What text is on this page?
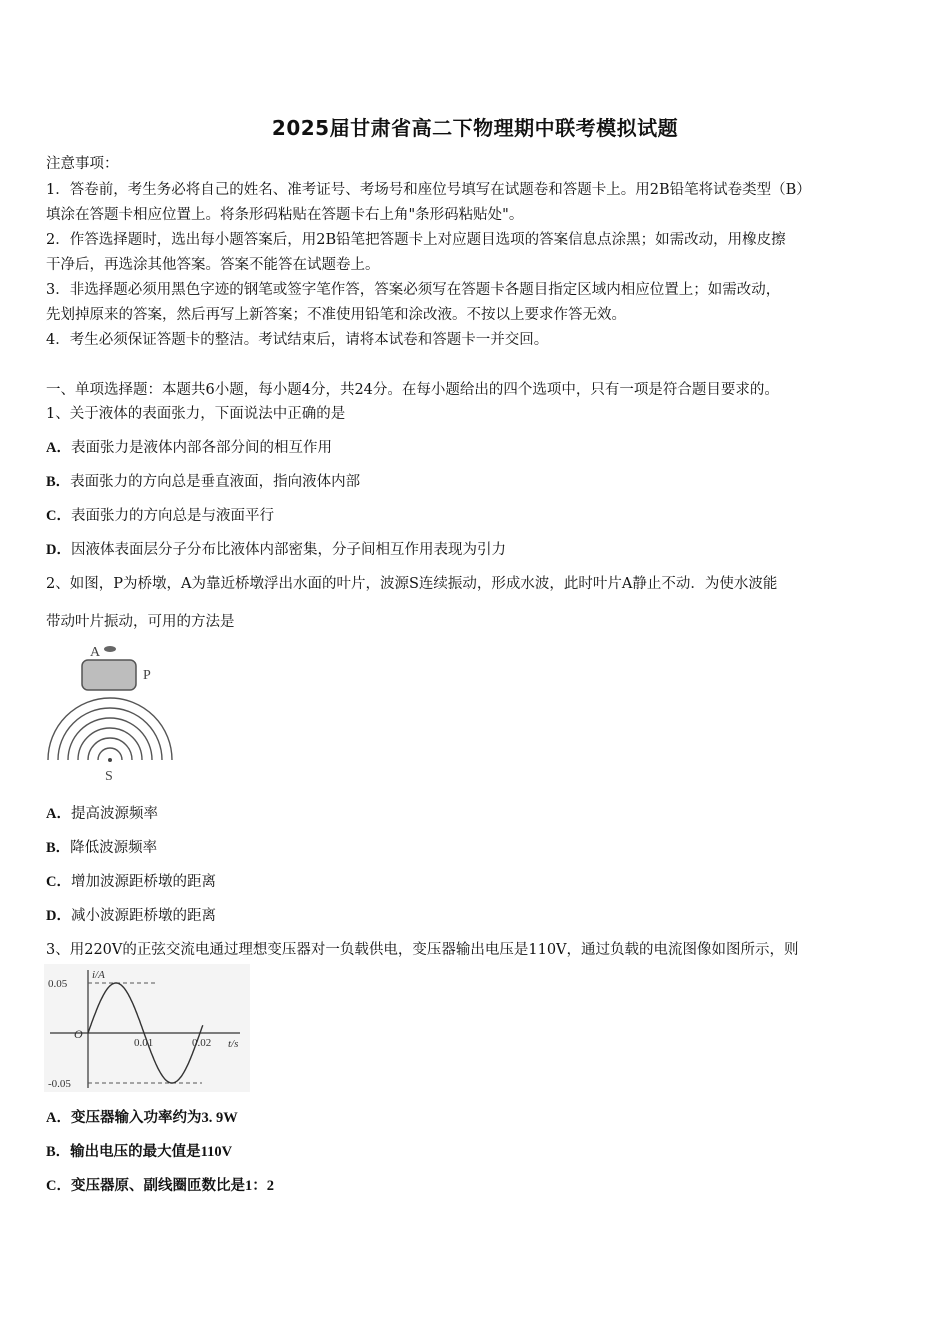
2025届甘肃省高二下物理期中联考模拟试题
注意事项：
1．答卷前，考生务必将自己的姓名、准考证号、考场号和座位号填写在试题卷和答题卡上。用2B铅笔将试卷类型（B）
填涂在答题卡相应位置上。将条形码粘贴在答题卡右上角"条形码粘贴处"。
2．作答选择题时，选出每小题答案后，用2B铅笔把答题卡上对应题目选项的答案信息点涂黑；如需改动，用橡皮擦
干净后，再选涂其他答案。答案不能答在试题卷上。
3．非选择题必须用黑色字迹的钢笔或签字笔作答，答案必须写在答题卡各题目指定区域内相应位置上；如需改动，
先划掉原来的答案，然后再写上新答案；不准使用铅笔和涂改液。不按以上要求作答无效。
4．考生必须保证答题卡的整洁。考试结束后，请将本试卷和答题卡一并交回。
一、单项选择题：本题共6小题，每小题4分，共24分。在每小题给出的四个选项中，只有一项是符合题目要求的。
1、关于液体的表面张力，下面说法中正确的是
A．表面张力是液体内部各部分间的相互作用
B．表面张力的方向总是垂直液面，指向液体内部
C．表面张力的方向总是与液面平行
D．因液体表面层分子分布比液体内部密集，分子间相互作用表现为引力
2、如图，P为桥墩，A为靠近桥墩浮出水面的叶片，波源S连续振动，形成水波，此时叶片A静止不动．为使水波能
带动叶片振动，可用的方法是
A
P
S
A．提高波源频率
B．降低波源频率
C．增加波源距桥墩的距离
D．减小波源距桥墩的距离
3、用220V的正弦交流电通过理想变压器对一负载供电，变压器输出电压是110V，通过负载的电流图像如图所示，则
i/A
t/s
O
0.05
-0.05
0.01	0.02
A．变压器输入功率约为3. 9W
B．输出电压的最大值是110V
C．变压器原、副线圈匝数比是1：2
